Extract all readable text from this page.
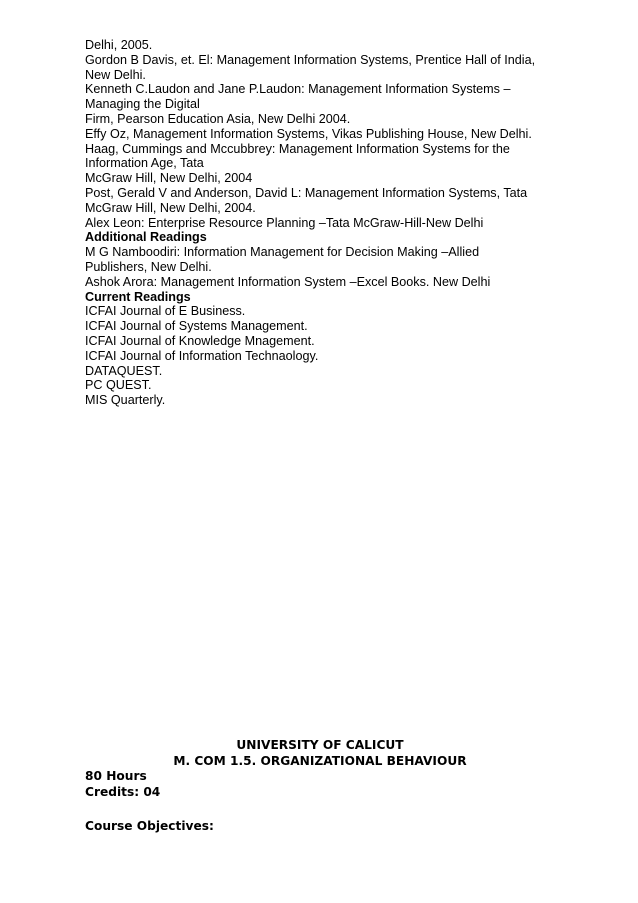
Delhi, 2005.
Gordon B Davis, et. El: Management Information Systems, Prentice Hall of India,
New Delhi.
Kenneth C.Laudon and Jane P.Laudon: Management Information Systems –
Managing the Digital
Firm, Pearson Education Asia, New Delhi 2004.
Effy Oz, Management Information Systems, Vikas Publishing House, New Delhi.
Haag, Cummings and Mccubbrey: Management Information Systems for the
Information Age, Tata
McGraw Hill, New Delhi, 2004
Post, Gerald V and Anderson, David L: Management Information Systems, Tata
McGraw Hill, New Delhi, 2004.
Alex Leon: Enterprise Resource Planning –Tata McGraw-Hill-New Delhi
Additional Readings
M G Namboodiri: Information Management for Decision Making –Allied
Publishers, New Delhi.
Ashok Arora: Management Information System –Excel Books. New Delhi
Current Readings
ICFAI Journal of E Business.
ICFAI Journal of Systems Management.
ICFAI Journal of Knowledge Mnagement.
ICFAI Journal of Information Technaology.
DATAQUEST.
PC QUEST.
MIS Quarterly.
UNIVERSITY OF CALICUT
M. COM 1.5. ORGANIZATIONAL BEHAVIOUR
80 Hours
Credits: 04
Course Objectives:
